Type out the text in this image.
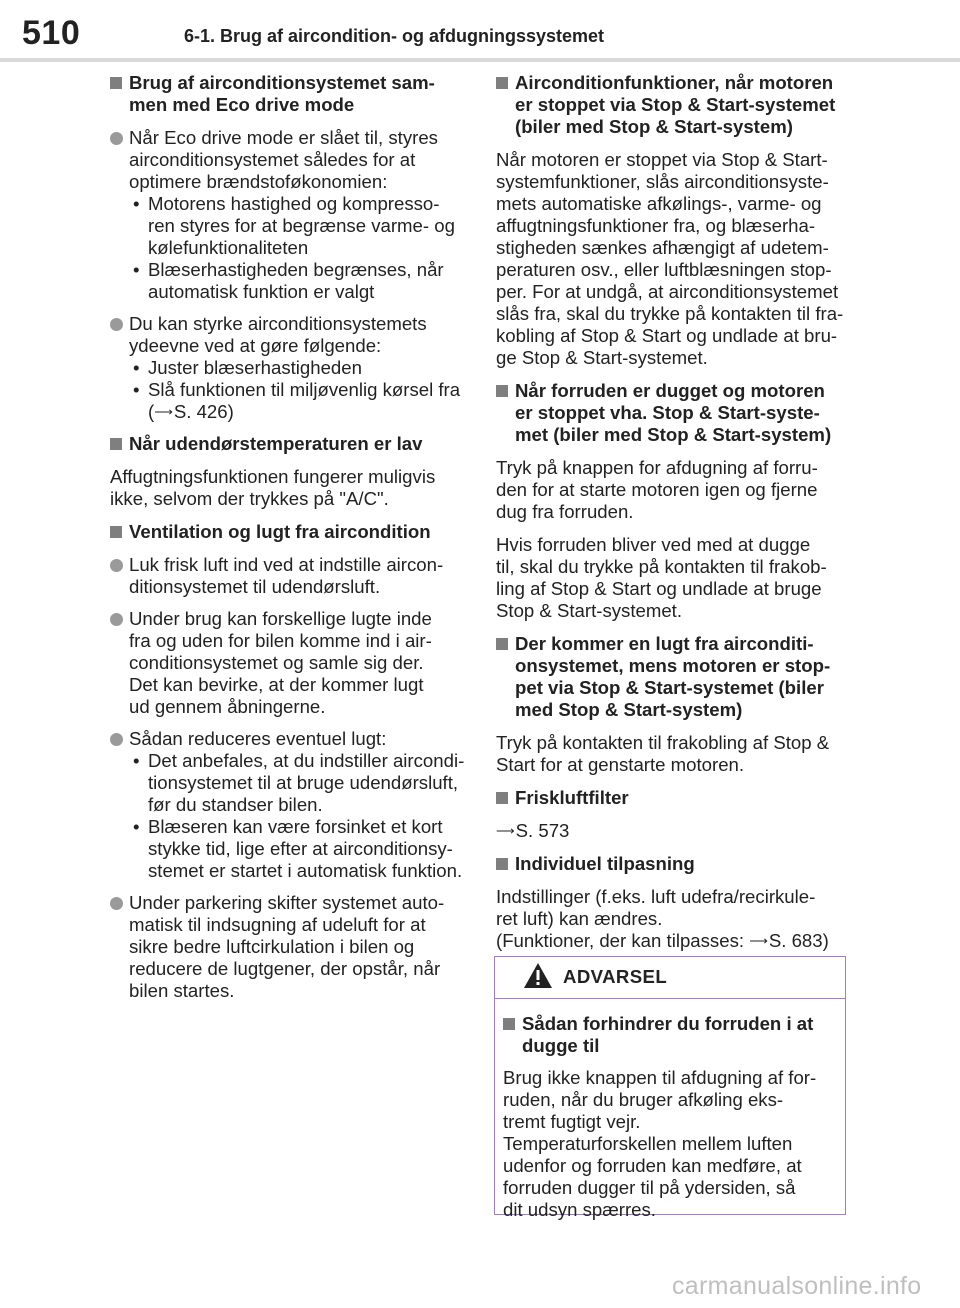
510	6-1. Brug af aircondition- og afdugningssystemet
Brug af airconditionsystemet sam-
men med Eco drive mode
Når Eco drive mode er slået til, styres
airconditionsystemet således for at
optimere brændstoføkonomien:
• Motorens hastighed og kompresso-
ren styres for at begrænse varme- og
kølefunktionaliteten
• Blæserhastigheden begrænses, når
automatisk funktion er valgt
Du kan styrke airconditionsystemets
ydeevne ved at gøre følgende:
• Juster blæserhastigheden
• Slå funktionen til miljøvenlig kørsel fra
(⟶S. 426)
Når udendørstemperaturen er lav
Affugtningsfunktionen fungerer muligvis
ikke, selvom der trykkes på "A/C".
Ventilation og lugt fra aircondition
Luk frisk luft ind ved at indstille aircon-
ditionsystemet til udendørsluft.
Under brug kan forskellige lugte inde
fra og uden for bilen komme ind i air-
conditionsystemet og samle sig der.
Det kan bevirke, at der kommer lugt
ud gennem åbningerne.
Sådan reduceres eventuel lugt:
• Det anbefales, at du indstiller aircondi-
tionsystemet til at bruge udendørsluft,
før du standser bilen.
• Blæseren kan være forsinket et kort
stykke tid, lige efter at airconditionsy-
stemet er startet i automatisk funktion.
Under parkering skifter systemet auto-
matisk til indsugning af udeluft for at
sikre bedre luftcirkulation i bilen og
reducere de lugtgener, der opstår, når
bilen startes.
Airconditionfunktioner, når motoren
er stoppet via Stop & Start-systemet
(biler med Stop & Start-system)
Når motoren er stoppet via Stop & Start-
systemfunktioner, slås airconditionsyste-
mets automatiske afkølings-, varme- og
affugtningsfunktioner fra, og blæserha-
stigheden sænkes afhængigt af udetem-
peraturen osv., eller luftblæsningen stop-
per. For at undgå, at airconditionsystemet
slås fra, skal du trykke på kontakten til fra-
kobling af Stop & Start og undlade at bru-
ge Stop & Start-systemet.
Når forruden er dugget og motoren
er stoppet vha. Stop & Start-syste-
met (biler med Stop & Start-system)
Tryk på knappen for afdugning af forru-
den for at starte motoren igen og fjerne
dug fra forruden.
Hvis forruden bliver ved med at dugge
til, skal du trykke på kontakten til frakob-
ling af Stop & Start og undlade at bruge
Stop & Start-systemet.
Der kommer en lugt fra airconditi-
onsystemet, mens motoren er stop-
pet via Stop & Start-systemet (biler
med Stop & Start-system)
Tryk på kontakten til frakobling af Stop &
Start for at genstarte motoren.
Friskluftfilter
⟶S. 573
Individuel tilpasning
Indstillinger (f.eks. luft udefra/recirkule-
ret luft) kan ændres.
(Funktioner, der kan tilpasses: ⟶S. 683)
ADVARSEL
Sådan forhindrer du forruden i at
dugge til
Brug ikke knappen til afdugning af for-
ruden, når du bruger afkøling eks-
tremt fugtigt vejr.
Temperaturforskellen mellem luften
udenfor og forruden kan medføre, at
forruden dugger til på ydersiden, så
dit udsyn spærres.
carmanualsonline.info
